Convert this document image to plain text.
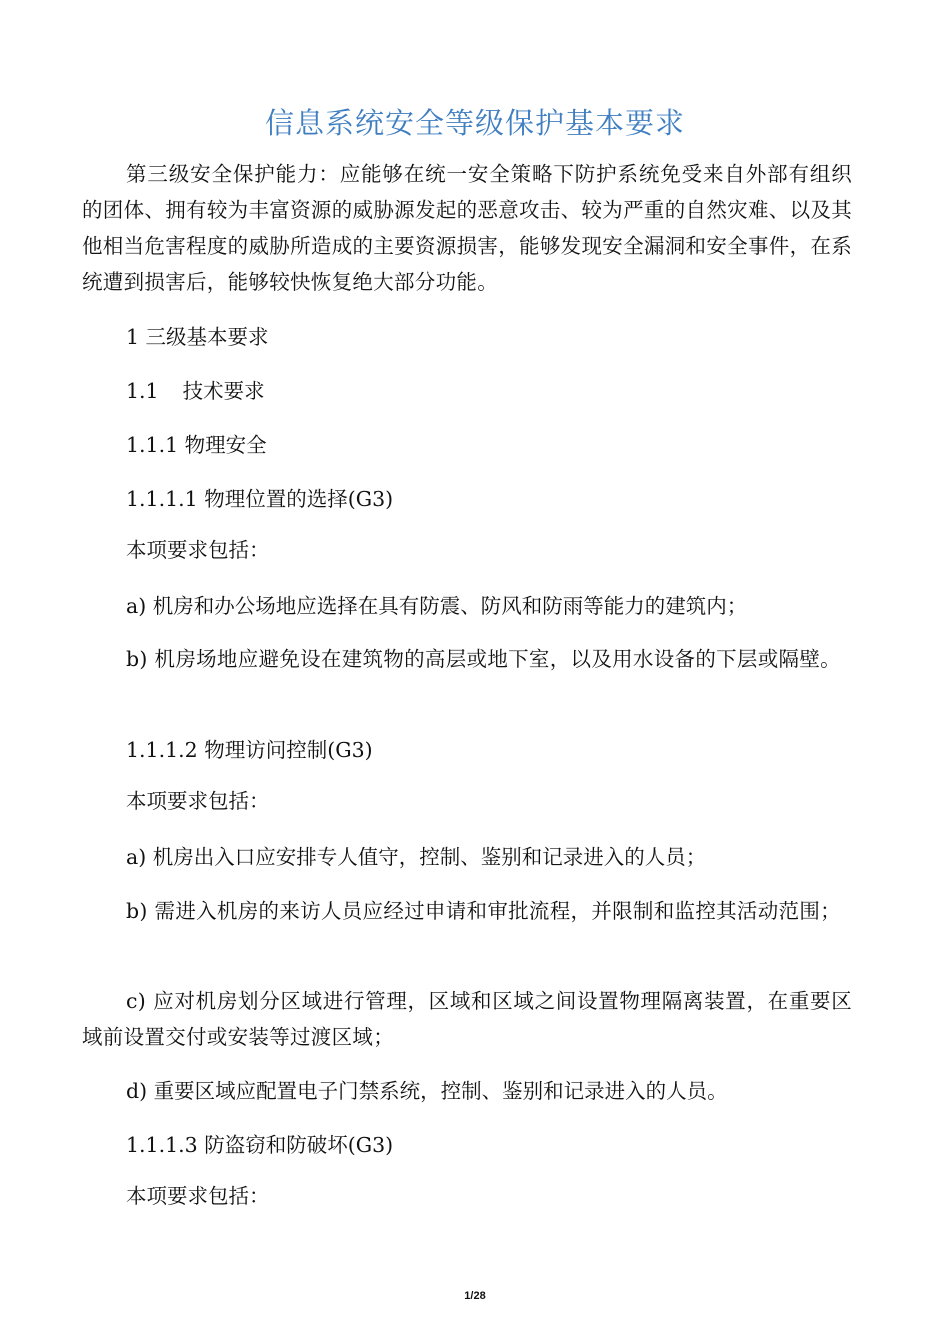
信息系统安全等级保护基本要求
第三级安全保护能力：应能够在统一安全策略下防护系统免受来自外部有组织的团体、拥有较为丰富资源的威胁源发起的恶意攻击、较为严重的自然灾难、以及其他相当危害程度的威胁所造成的主要资源损害，能够发现安全漏洞和安全事件，在系统遭到损害后，能够较快恢复绝大部分功能。
1 三级基本要求
1.1 技术要求
1.1.1 物理安全
1.1.1.1 物理位置的选择(G3)
本项要求包括：
a) 机房和办公场地应选择在具有防震、防风和防雨等能力的建筑内；
b) 机房场地应避免设在建筑物的高层或地下室，以及用水设备的下层或隔壁。
1.1.1.2 物理访问控制(G3)
本项要求包括：
a) 机房出入口应安排专人值守，控制、鉴别和记录进入的人员；
b) 需进入机房的来访人员应经过申请和审批流程，并限制和监控其活动范围；
c) 应对机房划分区域进行管理，区域和区域之间设置物理隔离装置，在重要区域前设置交付或安装等过渡区域；
d) 重要区域应配置电子门禁系统，控制、鉴别和记录进入的人员。
1.1.1.3 防盗窃和防破坏(G3)
本项要求包括：
1/28
